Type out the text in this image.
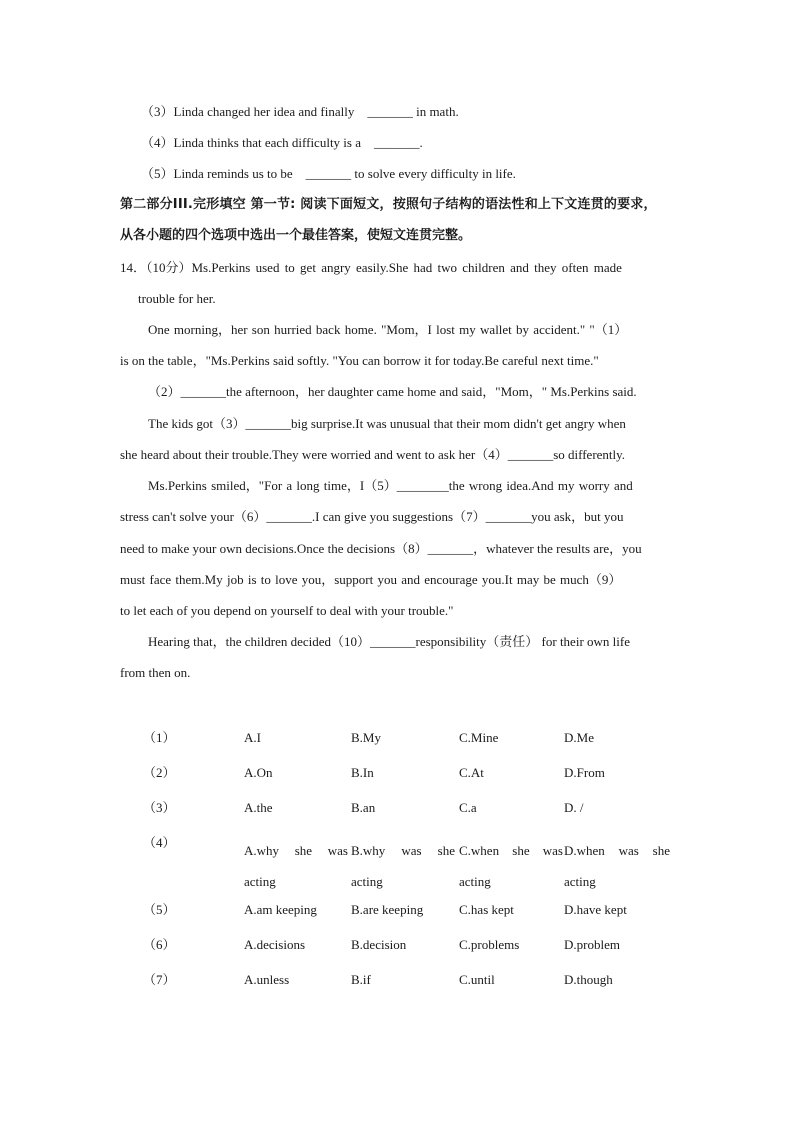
（3）Linda changed her idea and finally　_______ in math.
（4）Linda thinks that each difficulty is a　_______.
（5）Linda reminds us to be　_______ to solve every difficulty in life.
第二部分III.完形填空 第一节: 阅读下面短文，按照句子结构的语法性和上下文连贯的要求，
从各小题的四个选项中选出一个最佳答案，使短文连贯完整。
14．（10分）Ms.Perkins used to get angry easily.She had two children and they often made
trouble for her.
One morning，her son hurried back home. "Mom，I lost my wallet by accident." "（1）
is on the table，"Ms.Perkins said softly. "You can borrow it for today.Be careful next time."
（2）_______the afternoon，her daughter came home and said，"Mom，" Ms.Perkins said.
The kids got（3）_______big surprise.It was unusual that their mom didn't get angry when
she heard about their trouble.They were worried and went to ask her（4）_______so differently.
Ms.Perkins smiled，"For a long time，I（5）________the wrong idea.And my worry and
stress can't solve your（6）_______.I can give you suggestions（7）_______you ask，but you
need to make your own decisions.Once the decisions（8）_______，whatever the results are，you
must face them.My job is to love you，support you and encourage you.It may be much（9）
to let each of you depend on yourself to deal with your trouble."
Hearing that，the children decided（10）_______responsibility（责任） for their own life
from then on.
（1）	A.I	B.My	C.Mine	D.Me
（2）	A.On	B.In	C.At	D.From
（3）	A.the	B.an	C.a	D. /
（4）
A.why she was acting
B.why was she acting
C.when she was acting
D.when was she acting
（5）	A.am keeping	B.are keeping	C.has kept	D.have kept
（6）	A.decisions	B.decision	C.problems	D.problem
（7）	A.unless	B.if	C.until	D.though
